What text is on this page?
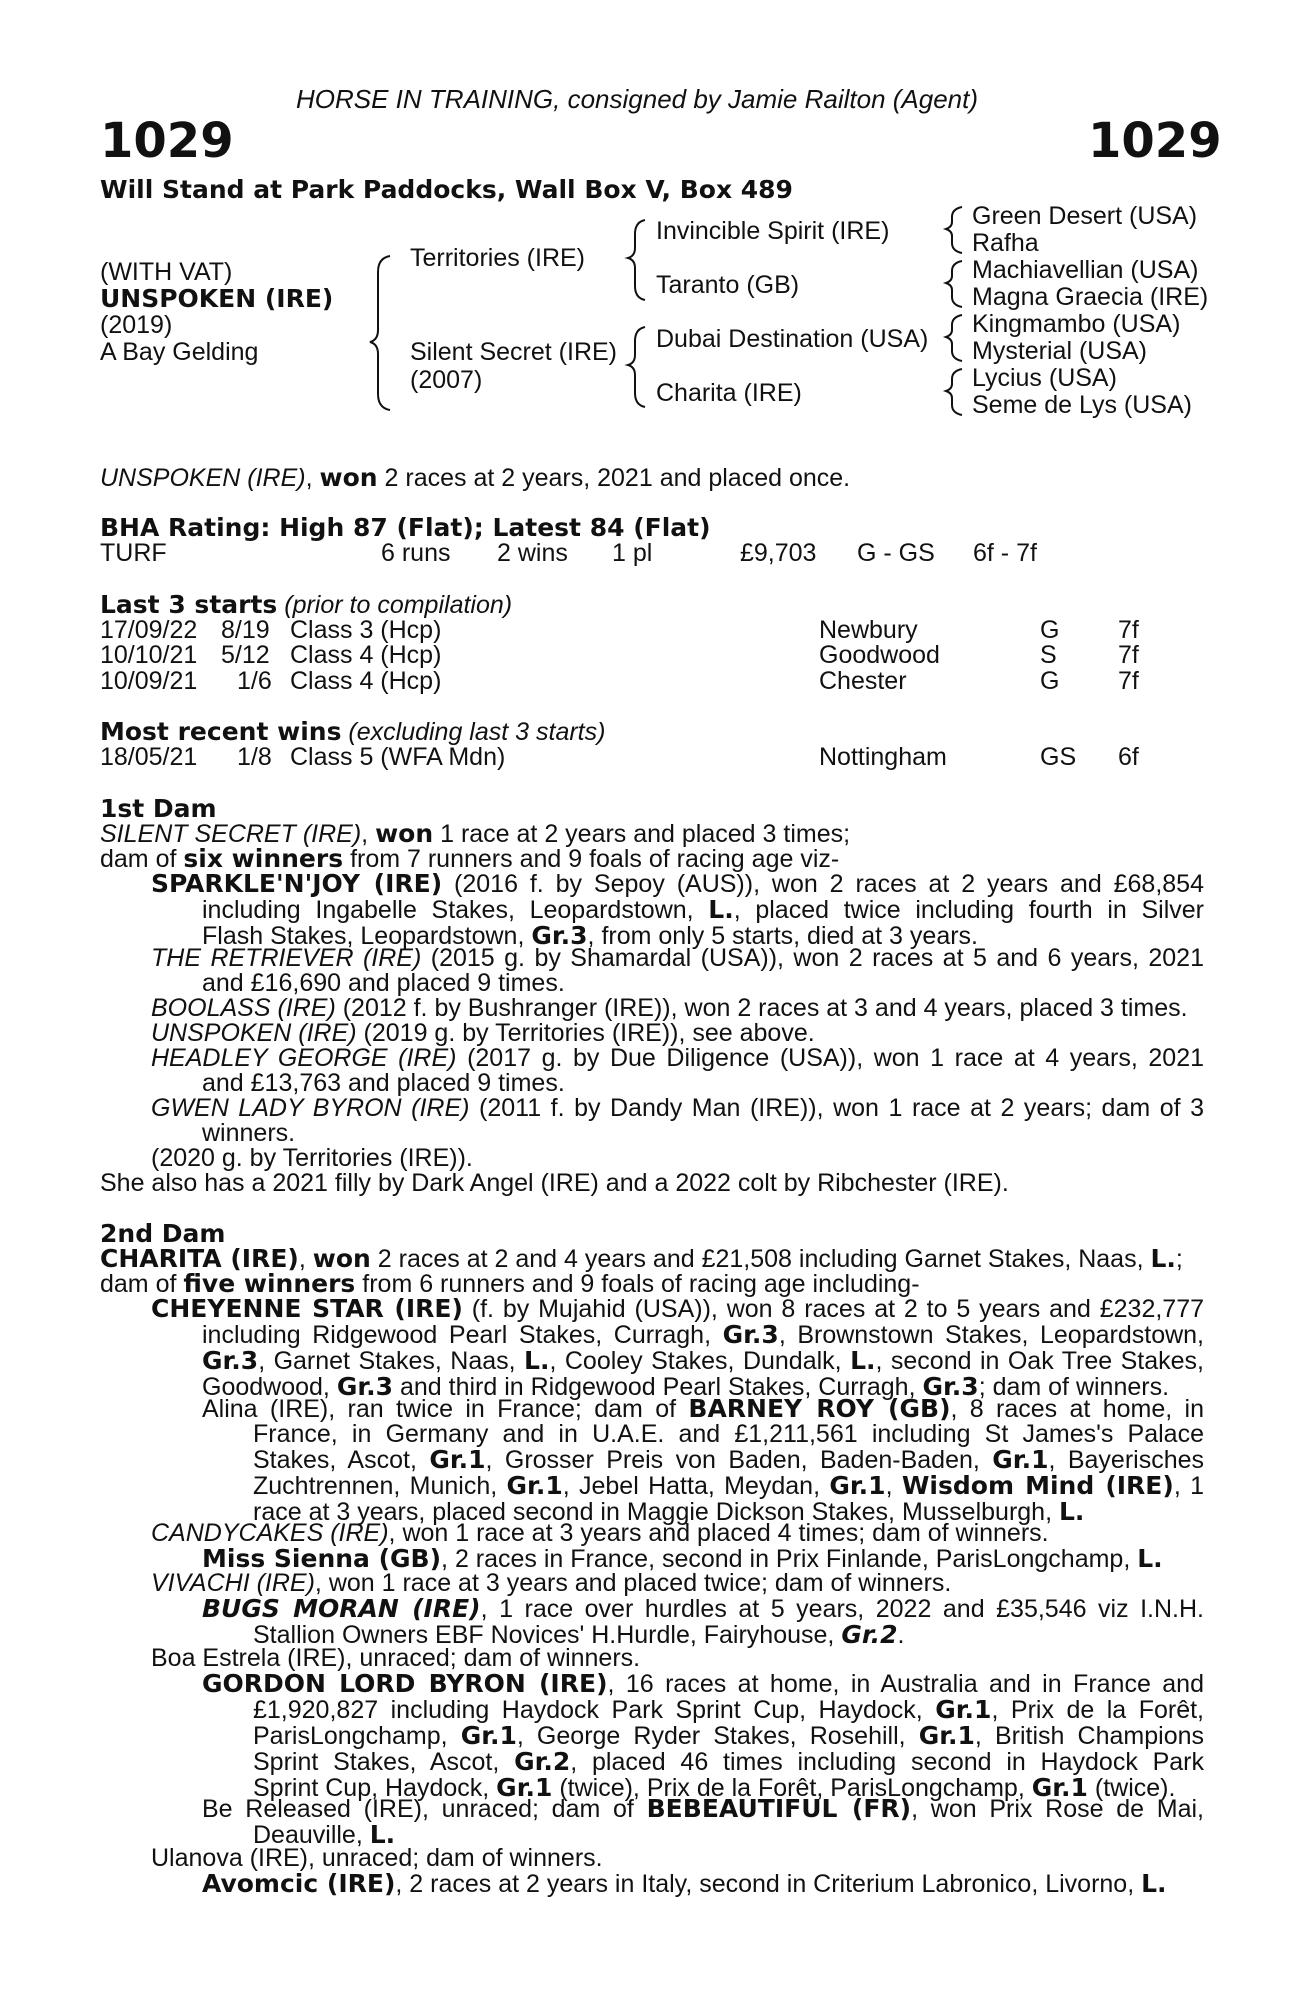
HORSE IN TRAINING, consigned by Jamie Railton (Agent)
1029	1029
Will Stand at Park Paddocks, Wall Box V, Box 489
(WITH VAT)
UNSPOKEN (IRE)
(2019)
A Bay Gelding
Territories (IRE)
Silent Secret (IRE)
(2007)
Invincible Spirit (IRE)
Taranto (GB)
Dubai Destination (USA)
Charita (IRE)
Green Desert (USA)
Rafha
Machiavellian (USA)
Magna Graecia (IRE)
Kingmambo (USA)
Mysterial (USA)
Lycius (USA)
Seme de Lys (USA)
UNSPOKEN (IRE), won 2 races at 2 years, 2021 and placed once.
BHA Rating: High 87 (Flat); Latest 84 (Flat)
TURF	6 runs 2 wins 1 pl	£9,703 G - GS 6f - 7f
Last 3 starts (prior to compilation)
17/09/22 8/19 Class 3 (Hcp)	Newbury	G 7f
10/10/21 5/12 Class 4 (Hcp)	Goodwood	S 7f
10/09/21 1/6 Class 4 (Hcp)	Chester	G 7f
Most recent wins (excluding last 3 starts)
18/05/21 1/8 Class 5 (WFA Mdn)	Nottingham	GS 6f
1st Dam
SILENT SECRET (IRE), won 1 race at 2 years and placed 3 times;
dam of six winners from 7 runners and 9 foals of racing age viz-
SPARKLE'N'JOY (IRE) (2016 f. by Sepoy (AUS)), won 2 races at 2 years and £68,854
including Ingabelle Stakes, Leopardstown, L., placed twice including fourth in Silver
Flash Stakes, Leopardstown, Gr.3, from only 5 starts, died at 3 years.
THE RETRIEVER (IRE) (2015 g. by Shamardal (USA)), won 2 races at 5 and 6 years, 2021
and £16,690 and placed 9 times.
BOOLASS (IRE) (2012 f. by Bushranger (IRE)), won 2 races at 3 and 4 years, placed 3 times.
UNSPOKEN (IRE) (2019 g. by Territories (IRE)), see above.
HEADLEY GEORGE (IRE) (2017 g. by Due Diligence (USA)), won 1 race at 4 years, 2021
and £13,763 and placed 9 times.
GWEN LADY BYRON (IRE) (2011 f. by Dandy Man (IRE)), won 1 race at 2 years; dam of 3
winners.
(2020 g. by Territories (IRE)).
She also has a 2021 filly by Dark Angel (IRE) and a 2022 colt by Ribchester (IRE).
2nd Dam
CHARITA (IRE), won 2 races at 2 and 4 years and £21,508 including Garnet Stakes, Naas, L.;
dam of five winners from 6 runners and 9 foals of racing age including-
CHEYENNE STAR (IRE) (f. by Mujahid (USA)), won 8 races at 2 to 5 years and £232,777
including Ridgewood Pearl Stakes, Curragh, Gr.3, Brownstown Stakes, Leopardstown,
Gr.3, Garnet Stakes, Naas, L., Cooley Stakes, Dundalk, L., second in Oak Tree Stakes,
Goodwood, Gr.3 and third in Ridgewood Pearl Stakes, Curragh, Gr.3; dam of winners.
Alina (IRE), ran twice in France; dam of BARNEY ROY (GB), 8 races at home, in
France, in Germany and in U.A.E. and £1,211,561 including St James's Palace
Stakes, Ascot, Gr.1, Grosser Preis von Baden, Baden-Baden, Gr.1, Bayerisches
Zuchtrennen, Munich, Gr.1, Jebel Hatta, Meydan, Gr.1, Wisdom Mind (IRE), 1
race at 3 years, placed second in Maggie Dickson Stakes, Musselburgh, L.
CANDYCAKES (IRE), won 1 race at 3 years and placed 4 times; dam of winners.
Miss Sienna (GB), 2 races in France, second in Prix Finlande, ParisLongchamp, L.
VIVACHI (IRE), won 1 race at 3 years and placed twice; dam of winners.
BUGS MORAN (IRE), 1 race over hurdles at 5 years, 2022 and £35,546 viz I.N.H.
Stallion Owners EBF Novices' H.Hurdle, Fairyhouse, Gr.2.
Boa Estrela (IRE), unraced; dam of winners.
GORDON LORD BYRON (IRE), 16 races at home, in Australia and in France and
£1,920,827 including Haydock Park Sprint Cup, Haydock, Gr.1, Prix de la Forêt,
ParisLongchamp, Gr.1, George Ryder Stakes, Rosehill, Gr.1, British Champions
Sprint Stakes, Ascot, Gr.2, placed 46 times including second in Haydock Park
Sprint Cup, Haydock, Gr.1 (twice), Prix de la Forêt, ParisLongchamp, Gr.1 (twice).
Be Released (IRE), unraced; dam of BEBEAUTIFUL (FR), won Prix Rose de Mai,
Deauville, L.
Ulanova (IRE), unraced; dam of winners.
Avomcic (IRE), 2 races at 2 years in Italy, second in Criterium Labronico, Livorno, L.
